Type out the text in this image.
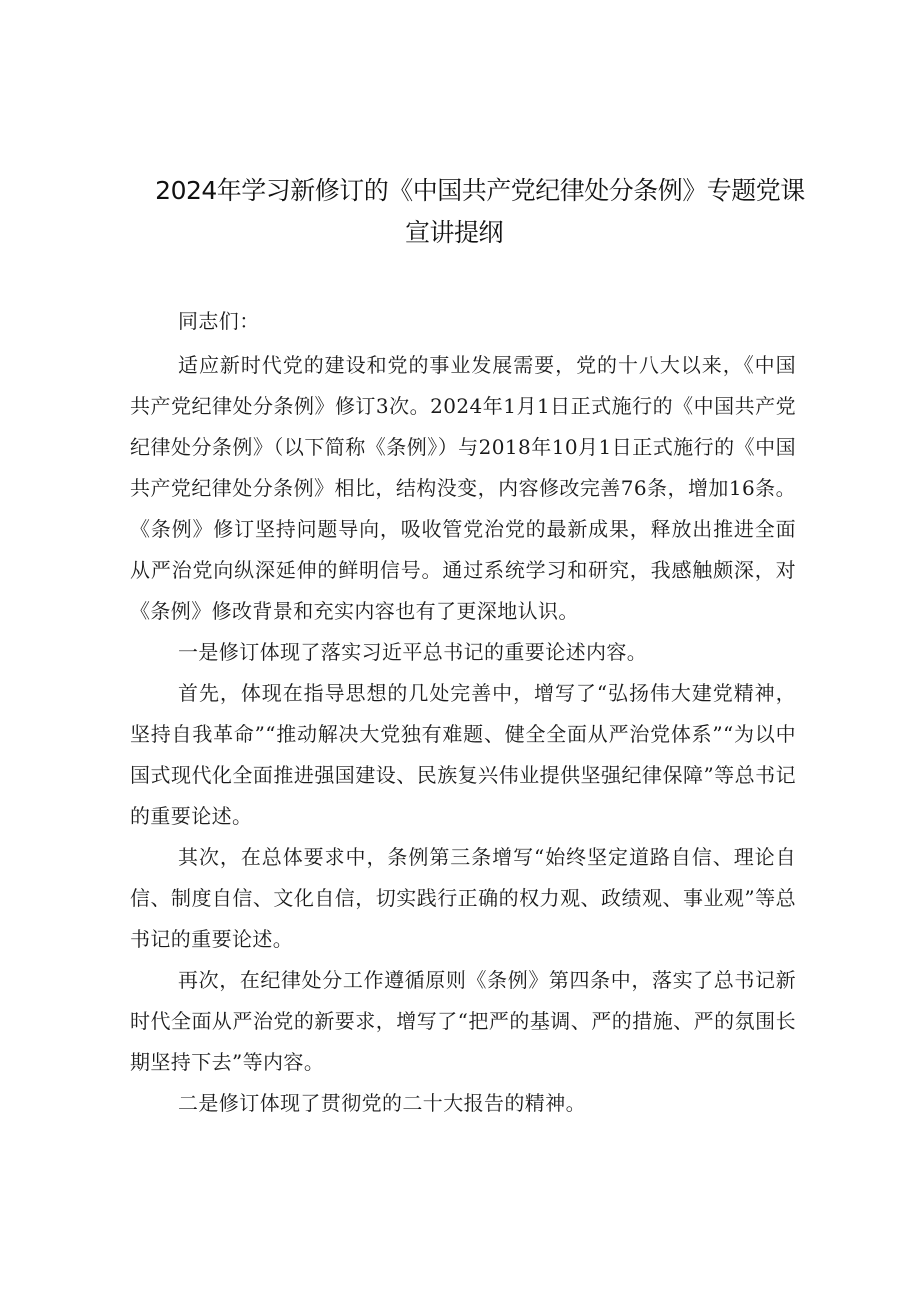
2024年学习新修订的《中国共产党纪律处分条例》专题党课
宣讲提纲

同志们：

适应新时代党的建设和党的事业发展需要，党的十八大以来，《中国共产党纪律处分条例》修订3次。2024年1月1日正式施行的《中国共产党纪律处分条例》（以下简称《条例》）与2018年10月1日正式施行的《中国共产党纪律处分条例》相比，结构没变，内容修改完善76条，增加16条。《条例》修订坚持问题导向，吸收管党治党的最新成果，释放出推进全面从严治党向纵深延伸的鲜明信号。通过系统学习和研究，我感触颇深，对《条例》修改背景和充实内容也有了更深地认识。

一是修订体现了落实习近平总书记的重要论述内容。

首先，体现在指导思想的几处完善中，增写了“弘扬伟大建党精神，坚持自我革命”“推动解决大党独有难题、健全全面从严治党体系”“为以中国式现代化全面推进强国建设、民族复兴伟业提供坚强纪律保障”等总书记的重要论述。

其次，在总体要求中，条例第三条增写“始终坚定道路自信、理论自信、制度自信、文化自信，切实践行正确的权力观、政绩观、事业观”等总书记的重要论述。

再次，在纪律处分工作遵循原则《条例》第四条中，落实了总书记新时代全面从严治党的新要求，增写了“把严的基调、严的措施、严的氛围长期坚持下去”等内容。

二是修订体现了贯彻党的二十大报告的精神。
